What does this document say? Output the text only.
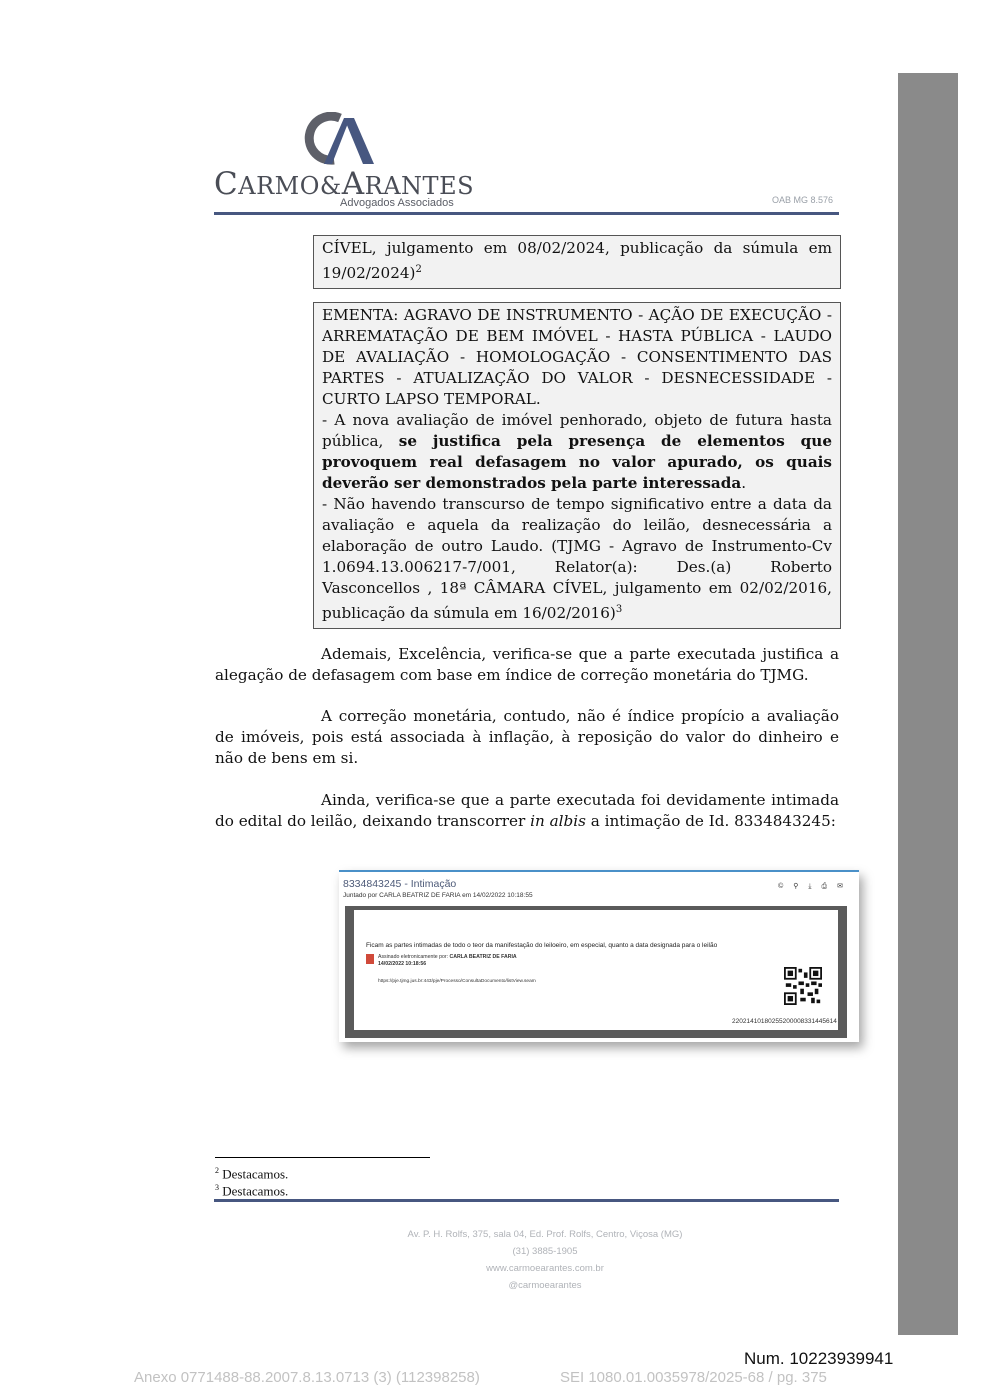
CARMO&ARANTES
Advogados Associados	OAB MG 8.576
CÍVEL, julgamento em 08/02/2024, publicação da súmula em 19/02/2024)$^2$
EMENTA: AGRAVO DE INSTRUMENTO - AÇÃO DE EXECUÇÃO - ARREMATAÇÃO DE BEM IMÓVEL - HASTA PÚBLICA - LAUDO DE AVALIAÇÃO - HOMOLOGAÇÃO - CONSENTIMENTO DAS PARTES - ATUALIZAÇÃO DO VALOR - DESNECESSIDADE - CURTO LAPSO TEMPORAL.
- A nova avaliação de imóvel penhorado, objeto de futura hasta pública, se justifica pela presença de elementos que provoquem real defasagem no valor apurado, os quais deverão ser demonstrados pela parte interessada.
- Não havendo transcurso de tempo significativo entre a data da avaliação e aquela da realização do leilão, desnecessária a elaboração de outro Laudo. (TJMG - Agravo de Instrumento-Cv 1.0694.13.006217-7/001, Relator(a): Des.(a) Roberto Vasconcellos , 18ª CÂMARA CÍVEL, julgamento em 02/02/2016, publicação da súmula em 16/02/2016)$^3$

Ademais, Excelência, verifica-se que a parte executada justifica a alegação de defasagem com base em índice de correção monetária do TJMG.

A correção monetária, contudo, não é índice propício a avaliação de imóveis, pois está associada à inflação, à reposição do valor do dinheiro e não de bens em si.

Ainda, verifica-se que a parte executada foi devidamente intimada do edital do leilão, deixando transcorrer in albis a intimação de Id. 8334843245:

8334843245 - Intimação
Juntado por CARLA BEATRIZ DE FARIA em 14/02/2022 10:18:55
©⚲⤓⎙✉
Ficam as partes intimadas de todo o teor da manifestação do leiloeiro, em especial, quanto a data designada para o leilão
Assinado eletronicamente por: CARLA BEATRIZ DE FARIA
14/02/2022 10:18:56
https://pje.tjmg.jus.br:443/pje/Processo/ConsultaDocumento/listView.seam
22021410180255200008331445614
$^2$ Destacamos.
$^3$ Destacamos.
Av. P. H. Rolfs, 375, sala 04, Ed. Prof. Rolfs, Centro, Viçosa (MG)
(31) 3885-1905
www.carmoearantes.com.br
@carmoearantes
Num. 10223939941
Anexo 0771488-88.2007.8.13.0713 (3) (112398258)	SEI 1080.01.0035978/2025-68 / pg. 375
